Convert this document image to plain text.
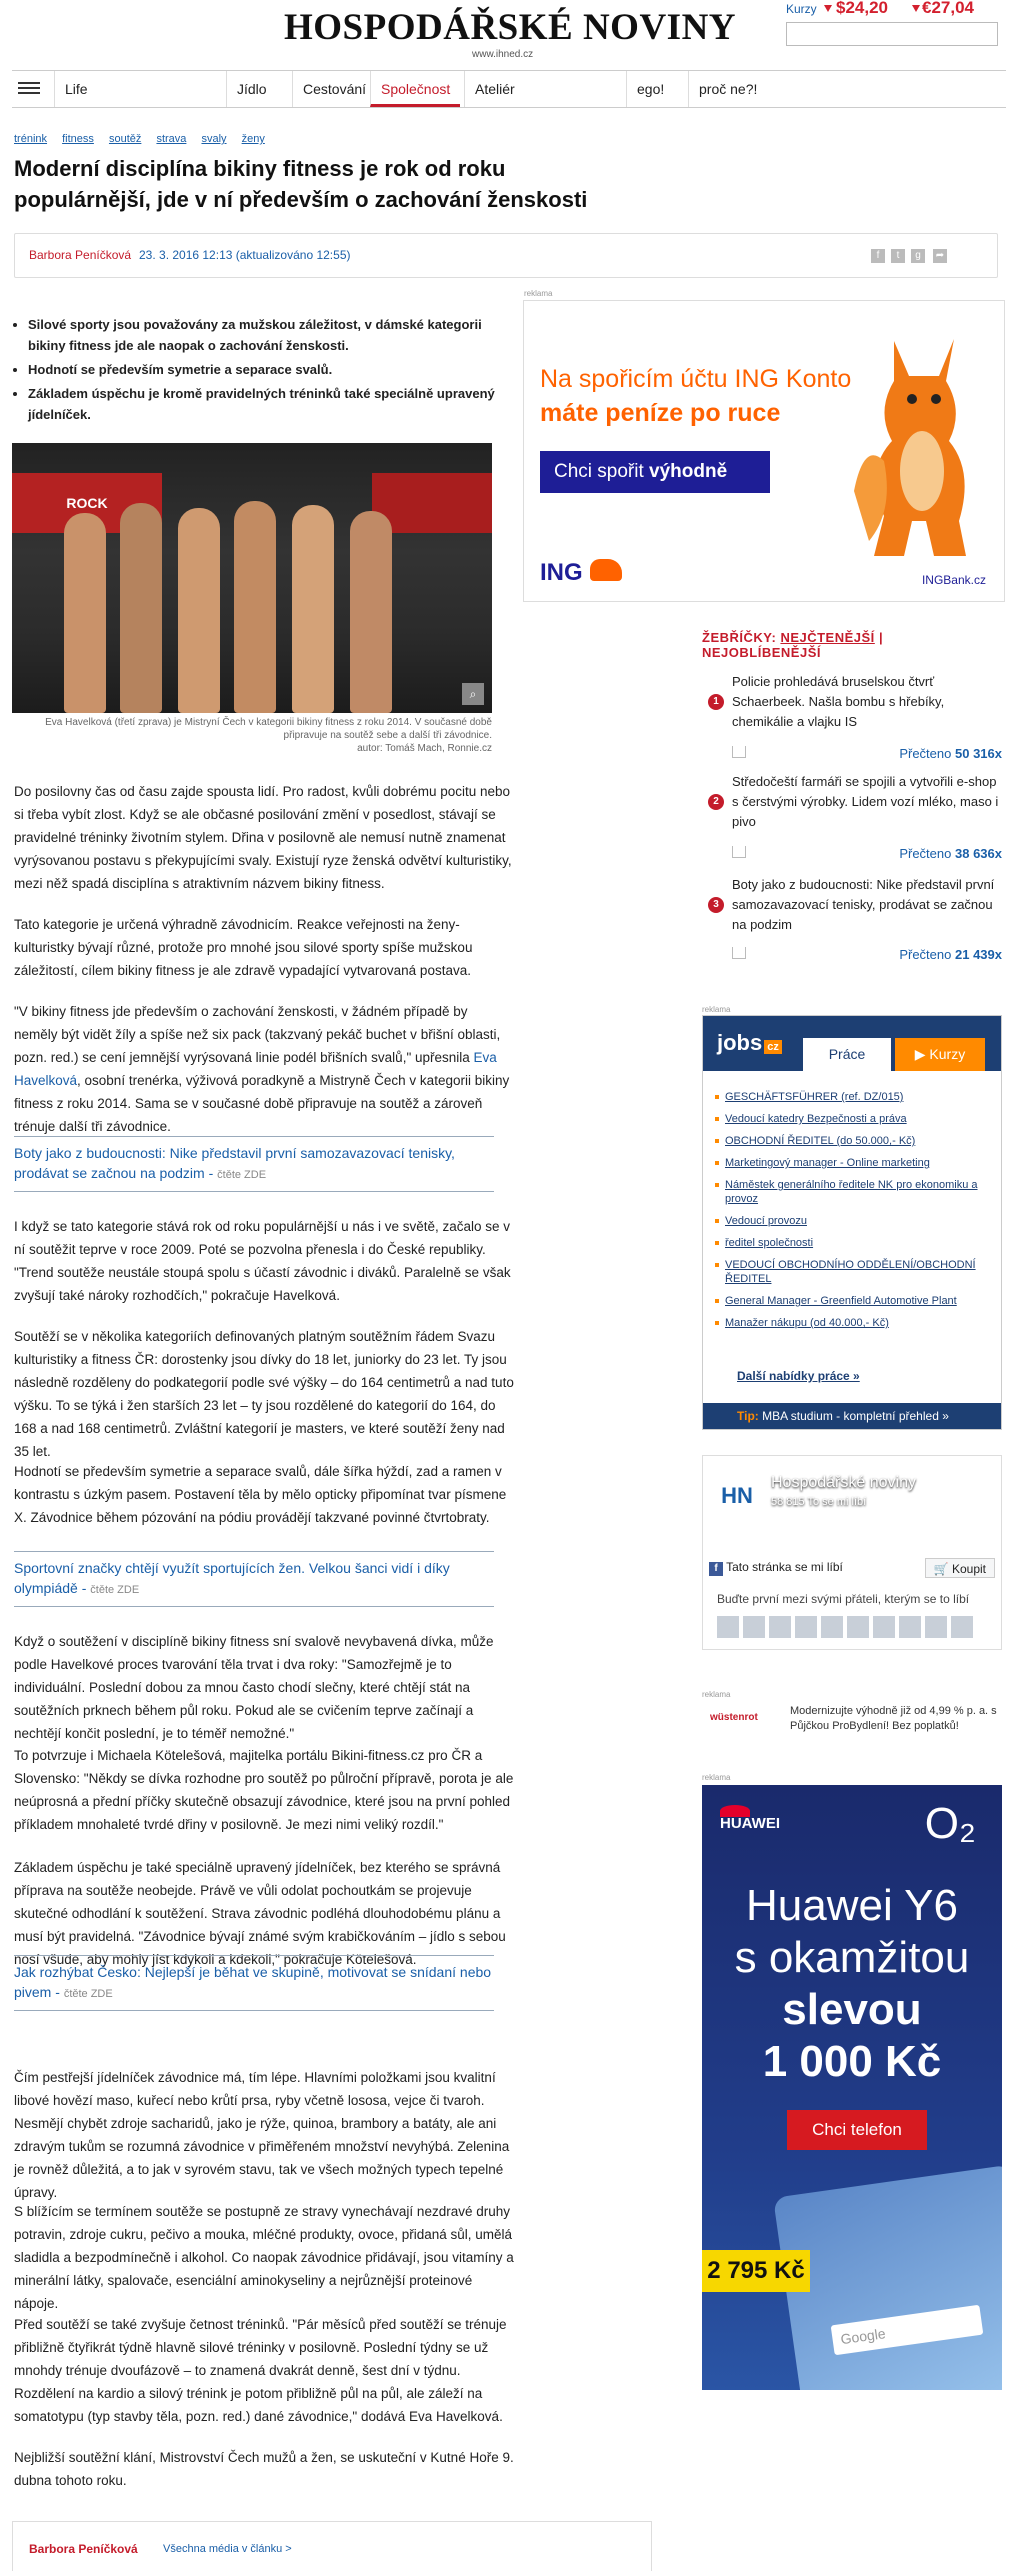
HOSPODÁŘSKÉ NOVINY
www.ihned.cz
Kurzy $24,20 €27,04
Life	Jídlo	Cestování	Společnost	Ateliér	ego!	proč ne?!
trénink fitness soutěž strava svaly ženy
Moderní disciplína bikiny fitness je rok od roku populárnější, jde v ní především o zachování ženskosti
Barbora Peníčková 23. 3. 2016 12:13 (aktualizováno 12:55)	f	t	g	➦
• Silové sporty jsou považovány za mužskou záležitost, v dámské kategorii bikiny fitness jde ale naopak o zachování ženskosti.
• Hodnotí se především symetrie a separace svalů.
• Základem úspěchu je kromě pravidelných tréninků také speciálně upravený jídelníček.
ROCK
⌕
Eva Havelková (třetí zprava) je Mistryní Čech v kategorii bikiny fitness z roku 2014. V současné době připravuje na soutěž sebe a další tři závodnice.
autor: Tomáš Mach, Ronnie.cz

Do posilovny čas od času zajde spousta lidí. Pro radost, kvůli dobrému pocitu nebo si třeba vybít zlost. Když se ale občasné posilování změní v posedlost, stávají se pravidelné tréninky životním stylem. Dřina v posilovně ale nemusí nutně znamenat vyrýsovanou postavu s překypujícími svaly. Existují ryze ženská odvětví kulturistiky, mezi něž spadá disciplína s atraktivním názvem bikiny fitness.

Tato kategorie je určená výhradně závodnicím. Reakce veřejnosti na ženy-kulturistky bývají různé, protože pro mnohé jsou silové sporty spíše mužskou záležitostí, cílem bikiny fitness je ale zdravě vypadající vytvarovaná postava.

"V bikiny fitness jde především o zachování ženskosti, v žádném případě by neměly být vidět žíly a spíše než six pack (takzvaný pekáč buchet v břišní oblasti, pozn. red.) se cení jemnější vyrýsovaná linie podél břišních svalů," upřesnila Eva Havelková, osobní trenérka, výživová poradkyně a Mistryně Čech v kategorii bikiny fitness z roku 2014. Sama se v současné době připravuje na soutěž a zároveň trénuje další tři závodnice.

Boty jako z budoucnosti: Nike představil první samozavazovací tenisky, prodávat se začnou na podzim - čtěte ZDE

I když se tato kategorie stává rok od roku populárnější u nás i ve světě, začalo se v ní soutěžit teprve v roce 2009. Poté se pozvolna přenesla i do České republiky. "Trend soutěže neustále stoupá spolu s účastí závodnic i diváků. Paralelně se však zvyšují také nároky rozhodčích," pokračuje Havelková.

Soutěží se v několika kategoriích definovaných platným soutěžním řádem Svazu kulturistiky a fitness ČR: dorostenky jsou dívky do 18 let, juniorky do 23 let. Ty jsou následně rozděleny do podkategorií podle své výšky – do 164 centimetrů a nad tuto výšku. To se týká i žen starších 23 let – ty jsou rozdělené do kategorií do 164, do 168 a nad 168 centimetrů. Zvláštní kategorií je masters, ve které soutěží ženy nad 35 let.

Hodnotí se především symetrie a separace svalů, dále šířka hýždí, zad a ramen v kontrastu s úzkým pasem. Postavení těla by mělo opticky připomínat tvar písmene X. Závodnice během pózování na pódiu provádějí takzvané povinné čtvrtobraty.

Sportovní značky chtějí využít sportujících žen. Velkou šanci vidí i díky olympiádě - čtěte ZDE

Když o soutěžení v disciplíně bikiny fitness sní svalově nevybavená dívka, může podle Havelkové proces tvarování těla trvat i dva roky: "Samozřejmě je to individuální. Poslední dobou za mnou často chodí slečny, které chtějí stát na soutěžních prknech během půl roku. Pokud ale se cvičením teprve začínají a nechtějí končit poslední, je to téměř nemožné."

To potvrzuje i Michaela Kötelešová, majitelka portálu Bikini-fitness.cz pro ČR a Slovensko: "Někdy se dívka rozhodne pro soutěž po půlroční přípravě, porota je ale neúprosná a přední příčky skutečně obsazují závodnice, které jsou na první pohled příkladem mnohaleté tvrdé dřiny v posilovně. Je mezi nimi veliký rozdíl."

Základem úspěchu je také speciálně upravený jídelníček, bez kterého se správná příprava na soutěže neobejde. Právě ve vůli odolat pochoutkám se projevuje skutečné odhodlání k soutěžení. Strava závodnic podléhá dlouhodobému plánu a musí být pravidelná. "Závodnice bývají známé svým krabičkováním – jídlo s sebou nosí všude, aby mohly jíst kdykoli a kdekoli," pokračuje Kötelešová.

Jak rozhýbat Česko: Nejlepší je běhat ve skupině, motivovat se snídaní nebo pivem - čtěte ZDE

Čím pestřejší jídelníček závodnice má, tím lépe. Hlavními položkami jsou kvalitní libové hovězí maso, kuřecí nebo krůtí prsa, ryby včetně lososa, vejce či tvaroh. Nesmějí chybět zdroje sacharidů, jako je rýže, quinoa, brambory a batáty, ale ani zdravým tukům se rozumná závodnice v přiměřeném množství nevyhýbá. Zelenina je rovněž důležitá, a to jak v syrovém stavu, tak ve všech možných typech tepelné úpravy.

S blížícím se termínem soutěže se postupně ze stravy vynechávají nezdravé druhy potravin, zdroje cukru, pečivo a mouka, mléčné produkty, ovoce, přidaná sůl, umělá sladidla a bezpodmínečně i alkohol. Co naopak závodnice přidávají, jsou vitamíny a minerální látky, spalovače, esenciální aminokyseliny a nejrůznější proteinové nápoje.

Před soutěží se také zvyšuje četnost tréninků. "Pár měsíců před soutěží se trénuje přibližně čtyřikrát týdně hlavně silové tréninky v posilovně. Poslední týdny se už mnohdy trénuje dvoufázově – to znamená dvakrát denně, šest dní v týdnu. Rozdělení na kardio a silový trénink je potom přibližně půl na půl, ale záleží na somatotypu (typ stavby těla, pozn. red.) dané závodnice," dodává Eva Havelková.

Nejbližší soutěžní klání, Mistrovství Čech mužů a žen, se uskuteční v Kutné Hoře 9. dubna tohoto roku.

Barbora Peníčková Všechna média v článku >
reklama
Na spořicím účtu ING Konto
máte peníze po ruce
Chci spořit výhodně
ING	INGBank.cz
ŽEBŘÍČKY: NEJČTENĚJŠÍ | NEJOBLÍBENĚJŠÍ
1
Policie prohledává bruselskou čtvrť Schaerbeek. Našla bombu s hřebíky, chemikálie a vlajku IS
Přečteno 50 316x
2
Středočeští farmáři se spojili a vytvořili e-shop s čerstvými výrobky. Lidem vozí mléko, maso i pivo
Přečteno 38 636x
3
Boty jako z budoucnosti: Nike představil první samozavazovací tenisky, prodávat se začnou na podzim
Přečteno 21 439x
reklama
jobs cz	Práce	▶ Kurzy
GESCHÄFTSFÜHRER (ref. DZ/015)
Vedoucí katedry Bezpečnosti a práva
OBCHODNÍ ŘEDITEL (do 50.000,- Kč)
Marketingový manager - Online marketing
Náměstek generálního ředitele NK pro ekonomiku a provoz
Vedoucí provozu
ředitel společnosti
VEDOUCÍ OBCHODNÍHO ODDĚLENÍ/OBCHODNÍ ŘEDITEL
General Manager - Greenfield Automotive Plant
Manažer nákupu (od 40.000,- Kč)
Další nabídky práce »
Tip: MBA studium - kompletní přehled »
HN
Hospodářské noviny
58 815 To se mi líbí
f Tato stránka se mi líbí	🛒 Koupit
Buďte první mezi svými přáteli, kterým se to líbí
reklama
wüstenrot
Modernizujte výhodně již od 4,99 % p. a. s Půjčkou ProBydlení! Bez poplatků!
reklama
HUAWEI	O₂
Huawei Y6
s okamžitou
slevou
1 000 Kč
Chci telefon
Google
2 795 Kč
